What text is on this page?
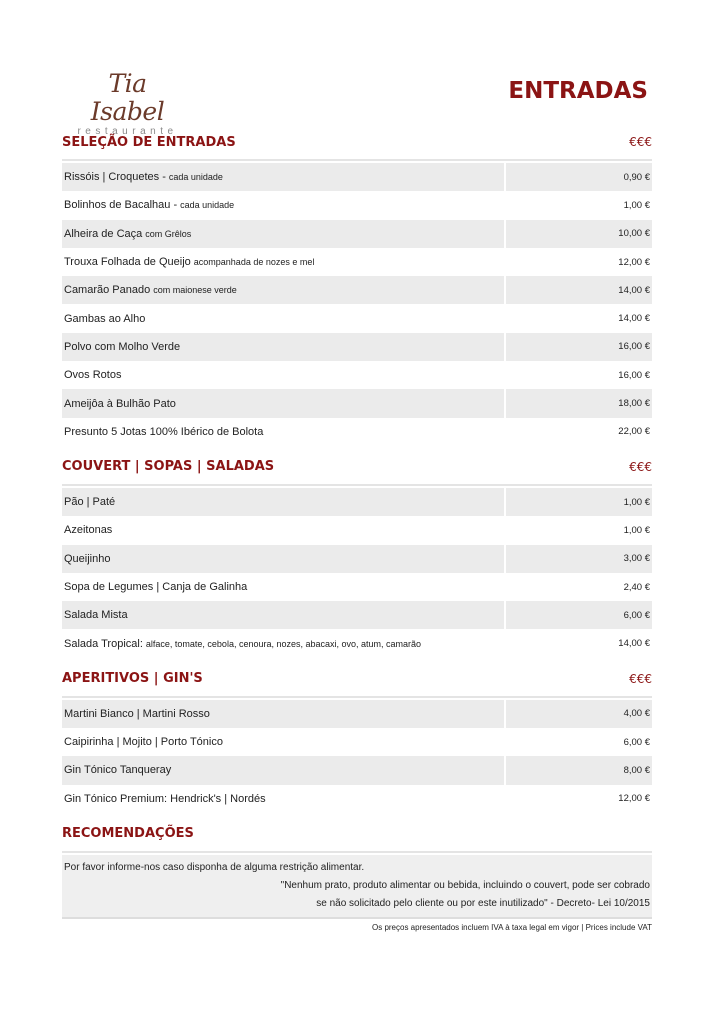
Tia Isabel
restaurante
ENTRADAS
SELEÇÃO DE ENTRADAS	€€€
Rissóis | Croquetes - cada unidade	0,90 €
Bolinhos de Bacalhau - cada unidade	1,00 €
Alheira de Caça com Grêlos	10,00 €
Trouxa Folhada de Queijo acompanhada de nozes e mel	12,00 €
Camarão Panado com maionese verde	14,00 €
Gambas ao Alho	14,00 €
Polvo com Molho Verde	16,00 €
Ovos Rotos	16,00 €
Ameijôa à Bulhão Pato	18,00 €
Presunto 5 Jotas 100% Ibérico de Bolota	22,00 €
COUVERT | SOPAS | SALADAS	€€€
Pão | Paté	1,00 €
Azeitonas	1,00 €
Queijinho	3,00 €
Sopa de Legumes | Canja de Galinha	2,40 €
Salada Mista	6,00 €
Salada Tropical: alface, tomate, cebola, cenoura, nozes, abacaxi, ovo, atum, camarão	14,00 €
APERITIVOS | GIN'S	€€€
Martini Bianco | Martini Rosso	4,00 €
Caipirinha | Mojito | Porto Tónico	6,00 €
Gin Tónico Tanqueray	8,00 €
Gin Tónico Premium: Hendrick's | Nordés	12,00 €
RECOMENDAÇÕES
Por favor informe-nos caso disponha de alguma restrição alimentar.
"Nenhum prato, produto alimentar ou bebida, incluindo o couvert, pode ser cobrado
se não solicitado pelo cliente ou por este inutilizado" - Decreto- Lei 10/2015
Os preços apresentados incluem IVA à taxa legal em vigor | Prices include VAT
